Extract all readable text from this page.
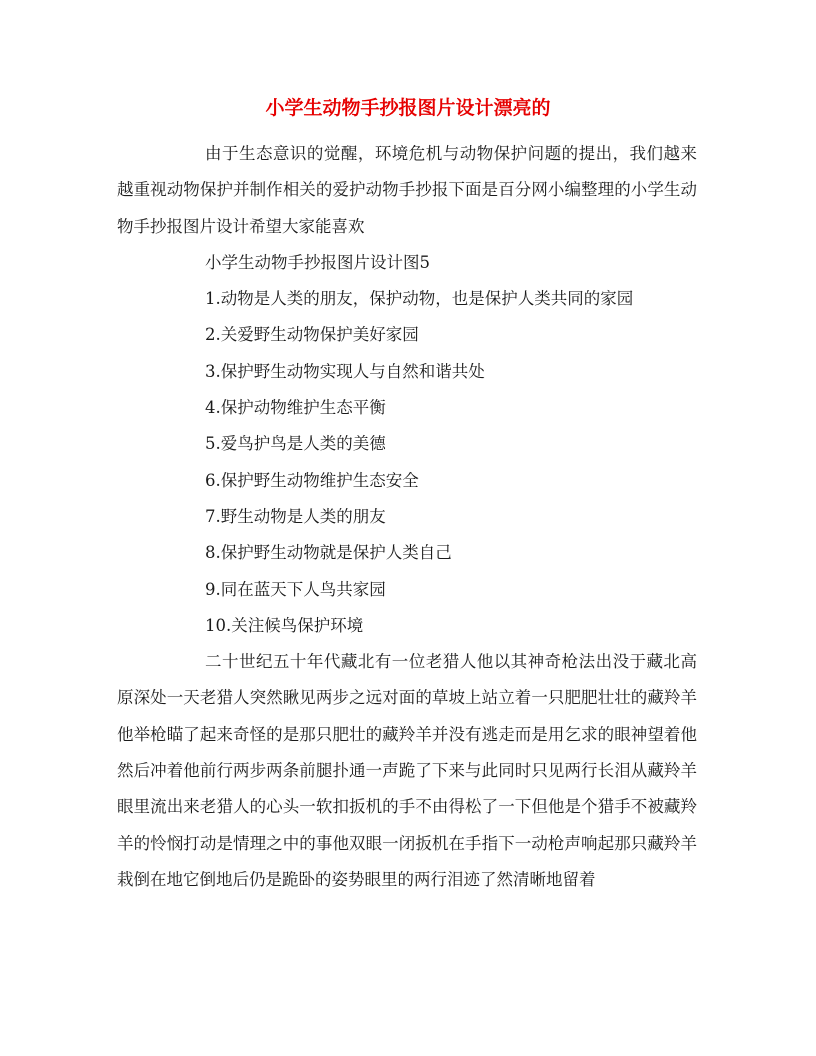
小学生动物手抄报图片设计漂亮的

由于生态意识的觉醒，环境危机与动物保护问题的提出，我们越来越重视动物保护并制作相关的爱护动物手抄报下面是百分网小编整理的小学生动物手抄报图片设计希望大家能喜欢

小学生动物手抄报图片设计图5

1.动物是人类的朋友，保护动物，也是保护人类共同的家园

2.关爱野生动物保护美好家园

3.保护野生动物实现人与自然和谐共处

4.保护动物维护生态平衡

5.爱鸟护鸟是人类的美德

6.保护野生动物维护生态安全

7.野生动物是人类的朋友

8.保护野生动物就是保护人类自己

9.同在蓝天下人鸟共家园

10.关注候鸟保护环境

二十世纪五十年代藏北有一位老猎人他以其神奇枪法出没于藏北高原深处一天老猎人突然瞅见两步之远对面的草坡上站立着一只肥肥壮壮的藏羚羊他举枪瞄了起来奇怪的是那只肥壮的藏羚羊并没有逃走而是用乞求的眼神望着他然后冲着他前行两步两条前腿扑通一声跪了下来与此同时只见两行长泪从藏羚羊眼里流出来老猎人的心头一软扣扳机的手不由得松了一下但他是个猎手不被藏羚羊的怜悯打动是情理之中的事他双眼一闭扳机在手指下一动枪声响起那只藏羚羊栽倒在地它倒地后仍是跪卧的姿势眼里的两行泪迹了然清晰地留着
